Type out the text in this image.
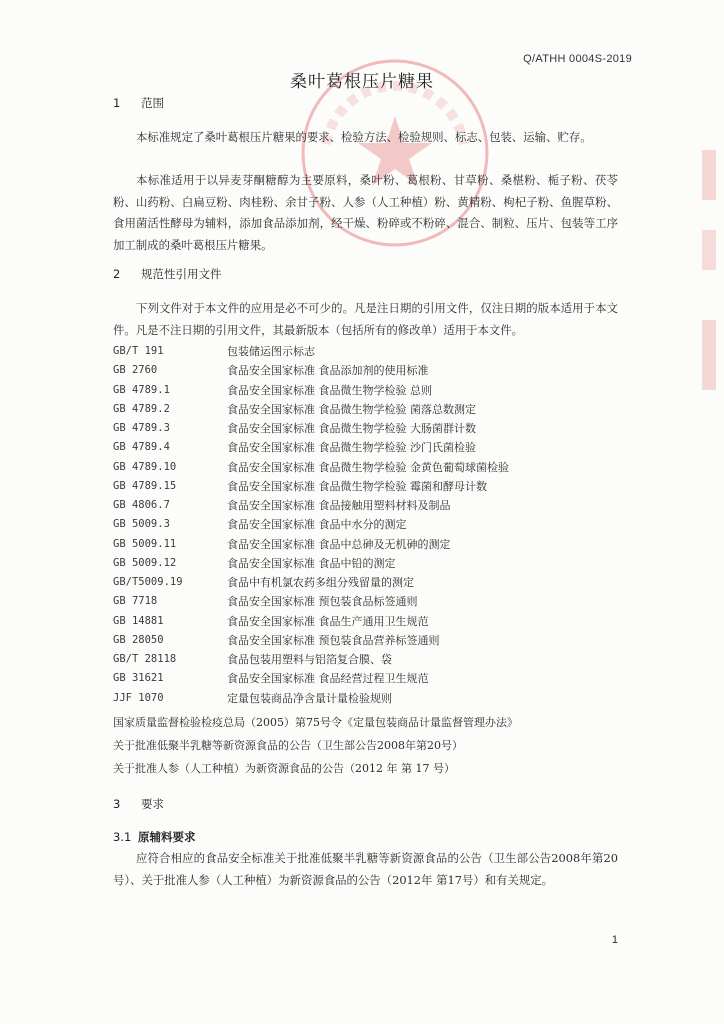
Q/ATHH 0004S-2019
桑叶葛根压片糖果
1 范围
本标准规定了桑叶葛根压片糖果的要求、检验方法、检验规则、标志、包装、运输、贮存。
本标准适用于以异麦芽酮糖醇为主要原料，桑叶粉、葛根粉、甘草粉、桑椹粉、栀子粉、茯苓粉、山药粉、白扁豆粉、肉桂粉、余甘子粉、人参（人工种植）粉、黄精粉、枸杞子粉、鱼腥草粉、食用菌活性酵母为辅料，添加食品添加剂，经干燥、粉碎或不粉碎、混合、制粒、压片、包装等工序加工制成的桑叶葛根压片糖果。
2 规范性引用文件
下列文件对于本文件的应用是必不可少的。凡是注日期的引用文件，仅注日期的版本适用于本文件。凡是不注日期的引用文件，其最新版本（包括所有的修改单）适用于本文件。
GB/T 191	包装储运图示标志
GB 2760	食品安全国家标准 食品添加剂的使用标准
GB 4789.1	食品安全国家标准 食品微生物学检验 总则
GB 4789.2	食品安全国家标准 食品微生物学检验 菌落总数测定
GB 4789.3	食品安全国家标准 食品微生物学检验 大肠菌群计数
GB 4789.4	食品安全国家标准 食品微生物学检验 沙门氏菌检验
GB 4789.10	食品安全国家标准 食品微生物学检验 金黄色葡萄球菌检验
GB 4789.15	食品安全国家标准 食品微生物学检验 霉菌和酵母计数
GB 4806.7	食品安全国家标准 食品接触用塑料材料及制品
GB 5009.3	食品安全国家标准 食品中水分的测定
GB 5009.11	食品安全国家标准 食品中总砷及无机砷的测定
GB 5009.12	食品安全国家标准 食品中铅的测定
GB/T5009.19	食品中有机氯农药多组分残留量的测定
GB 7718	食品安全国家标准 预包装食品标签通则
GB 14881	食品安全国家标准 食品生产通用卫生规范
GB 28050	食品安全国家标准 预包装食品营养标签通则
GB/T 28118	食品包装用塑料与铝箔复合膜、袋
GB 31621	食品安全国家标准 食品经营过程卫生规范
JJF 1070	定量包装商品净含量计量检验规则
国家质量监督检验检疫总局（2005）第75号令《定量包装商品计量监督管理办法》
关于批准低聚半乳糖等新资源食品的公告（卫生部公告2008年第20号）
关于批准人参（人工种植）为新资源食品的公告（2012 年 第 17 号）
3 要求
3.1 原辅料要求
应符合相应的食品安全标准关于批准低聚半乳糖等新资源食品的公告（卫生部公告2008年第20号）、关于批准人参（人工种植）为新资源食品的公告（2012年 第17号）和有关规定。
1
